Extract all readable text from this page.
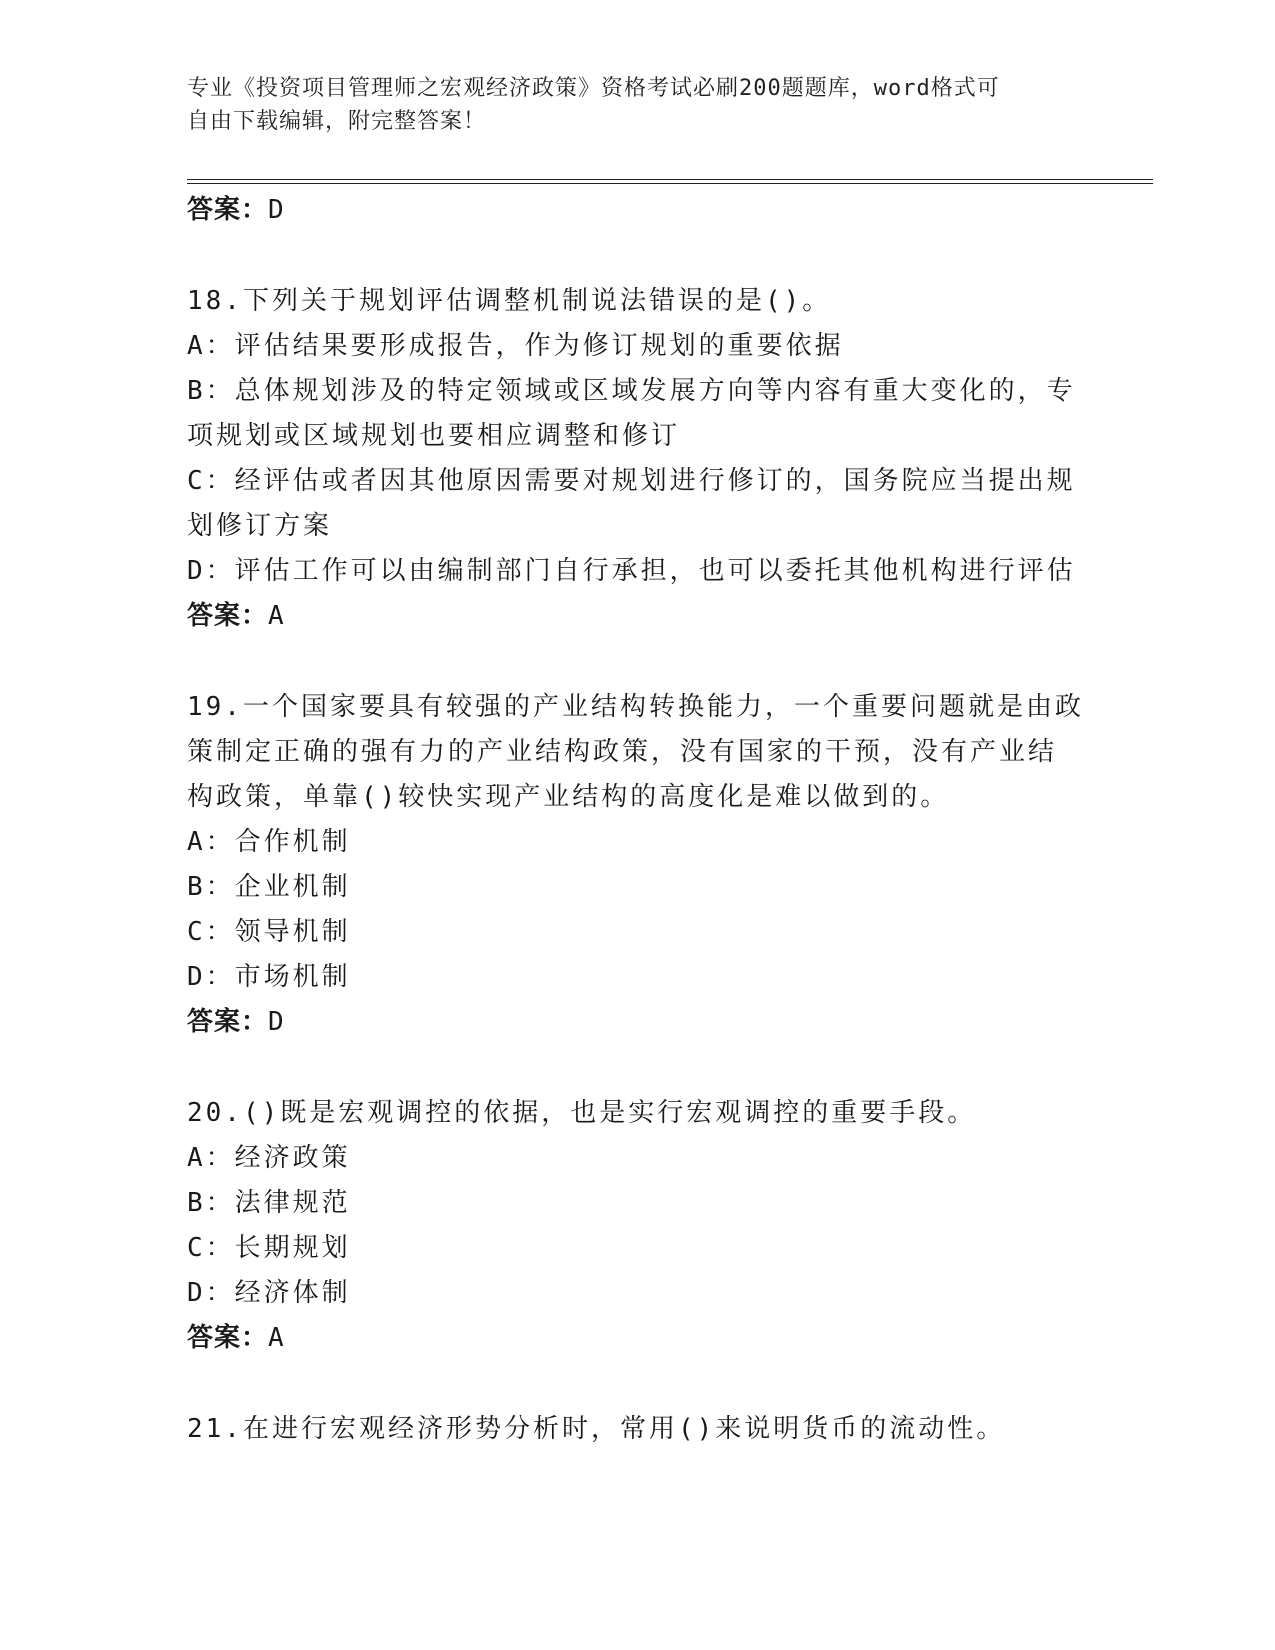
专业《投资项目管理师之宏观经济政策》资格考试必刷200题题库，word格式可
自由下载编辑，附完整答案！
答案：D
18.下列关于规划评估调整机制说法错误的是()。
A：评估结果要形成报告，作为修订规划的重要依据
B：总体规划涉及的特定领域或区域发展方向等内容有重大变化的，专
项规划或区域规划也要相应调整和修订
C：经评估或者因其他原因需要对规划进行修订的，国务院应当提出规
划修订方案
D：评估工作可以由编制部门自行承担，也可以委托其他机构进行评估
答案：A
19.一个国家要具有较强的产业结构转换能力，一个重要问题就是由政
策制定正确的强有力的产业结构政策，没有国家的干预，没有产业结
构政策，单靠()较快实现产业结构的高度化是难以做到的。
A：合作机制
B：企业机制
C：领导机制
D：市场机制
答案：D
20.()既是宏观调控的依据，也是实行宏观调控的重要手段。
A：经济政策
B：法律规范
C：长期规划
D：经济体制
答案：A
21.在进行宏观经济形势分析时，常用()来说明货币的流动性。
